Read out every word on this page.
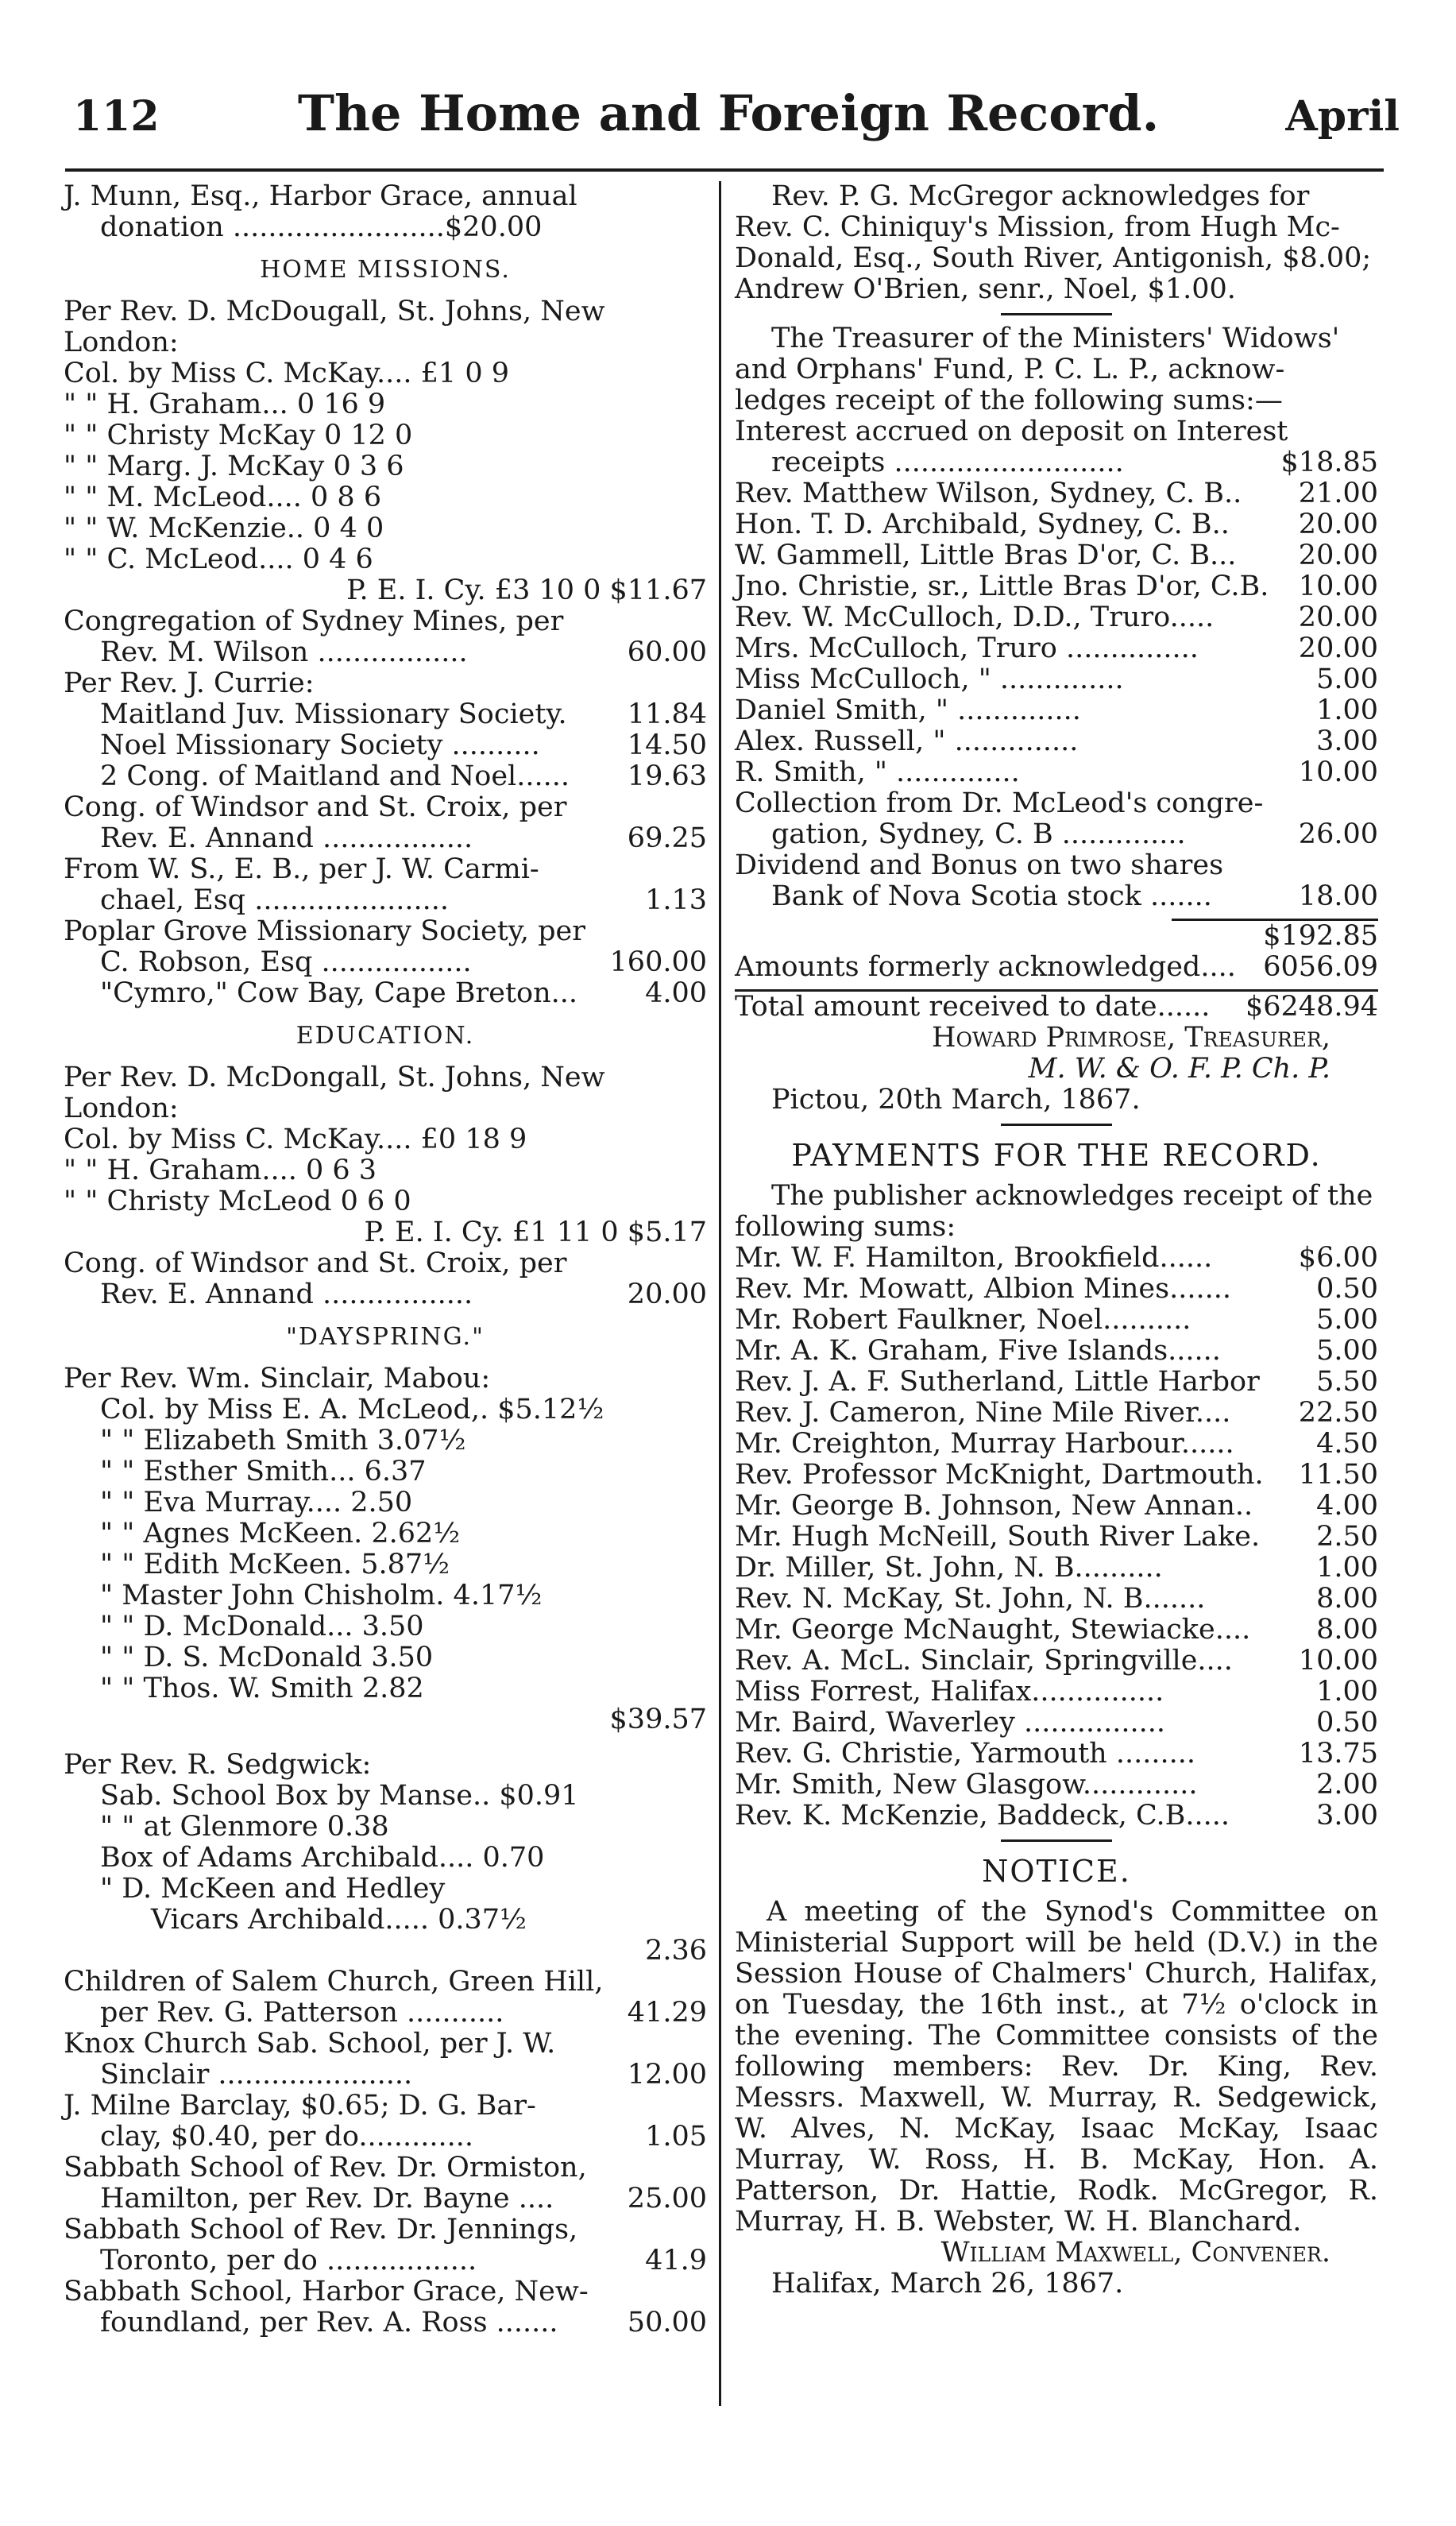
112	The Home and Foreign Record.	April
J. Munn, Esq., Harbor Grace, annual
donation ........................$20.00
HOME MISSIONS.
Per Rev. D. McDougall, St. Johns, New
London:
Col. by Miss C. McKay.... £1 0 9
" " H. Graham... 0 16 9
" " Christy McKay 0 12 0
" " Marg. J. McKay 0 3 6
" " M. McLeod.... 0 8 6
" " W. McKenzie.. 0 4 0
" " C. McLeod.... 0 4 6
P. E. I. Cy. £3 10 0 $11.67
Congregation of Sydney Mines, per
Rev. M. Wilson .................	60.00
Per Rev. J. Currie:
Maitland Juv. Missionary Society. 11.84
Noel Missionary Society ..........	14.50
2 Cong. of Maitland and Noel...... 19.63
Cong. of Windsor and St. Croix, per
Rev. E. Annand .................	69.25
From W. S., E. B., per J. W. Carmi-
chael, Esq ......................	1.13
Poplar Grove Missionary Society, per
C. Robson, Esq .................	160.00
"Cymro," Cow Bay, Cape Breton... 4.00
EDUCATION.
Per Rev. D. McDongall, St. Johns, New
London:
Col. by Miss C. McKay.... £0 18 9
" " H. Graham.... 0 6 3
" " Christy McLeod 0 6 0
P. E. I. Cy. £1 11 0 $5.17
Cong. of Windsor and St. Croix, per
Rev. E. Annand .................	20.00
"DAYSPRING."
Per Rev. Wm. Sinclair, Mabou:
Col. by Miss E. A. McLeod,. $5.12½
" " Elizabeth Smith 3.07½
" " Esther Smith... 6.37
" " Eva Murray.... 2.50
" " Agnes McKeen. 2.62½
" " Edith McKeen. 5.87½
" Master John Chisholm. 4.17½
" " D. McDonald... 3.50
" " D. S. McDonald 3.50
" " Thos. W. Smith 2.82
$39.57
Per Rev. R. Sedgwick:
Sab. School Box by Manse.. $0.91
" " at Glenmore 0.38
Box of Adams Archibald.... 0.70
" D. McKeen and Hedley
Vicars Archibald..... 0.37½
2.36
Children of Salem Church, Green Hill,
per Rev. G. Patterson ...........	41.29
Knox Church Sab. School, per J. W.
Sinclair ......................	12.00
J. Milne Barclay, $0.65; D. G. Bar-
clay, $0.40, per do.............	1.05
Sabbath School of Rev. Dr. Ormiston,
Hamilton, per Rev. Dr. Bayne ....	25.00
Sabbath School of Rev. Dr. Jennings,
Toronto, per do .................	41.9
Sabbath School, Harbor Grace, New-
foundland, per Rev. A. Ross ....... 50.00
Rev. P. G. McGregor acknowledges for
Rev. C. Chiniquy's Mission, from Hugh Mc-
Donald, Esq., South River, Antigonish, $8.00;
Andrew O'Brien, senr., Noel, $1.00.
The Treasurer of the Ministers' Widows'
and Orphans' Fund, P. C. L. P., acknow-
ledges receipt of the following sums:—
Interest accrued on deposit on Interest
receipts ..........................	$18.85
Rev. Matthew Wilson, Sydney, C. B.. 21.00
Hon. T. D. Archibald, Sydney, C. B.. 20.00
W. Gammell, Little Bras D'or, C. B... 20.00
Jno. Christie, sr., Little Bras D'or, C.B. 10.00
Rev. W. McCulloch, D.D., Truro.....	20.00
Mrs. McCulloch, Truro ...............	20.00
Miss McCulloch, " ..............	5.00
Daniel Smith, " ..............	1.00
Alex. Russell, " ..............	3.00
R. Smith, " ..............	10.00
Collection from Dr. McLeod's congre-
gation, Sydney, C. B ..............	26.00
Dividend and Bonus on two shares
Bank of Nova Scotia stock .......	18.00
$192.85
Amounts formerly acknowledged.... 6056.09
Total amount received to date...... $6248.94
Howard Primrose, Treasurer,
M. W. & O. F. P. Ch. P.
Pictou, 20th March, 1867.
PAYMENTS FOR THE RECORD.
The publisher acknowledges receipt of the
following sums:
Mr. W. F. Hamilton, Brookfield......	$6.00
Rev. Mr. Mowatt, Albion Mines.......	0.50
Mr. Robert Faulkner, Noel..........	5.00
Mr. A. K. Graham, Five Islands......	5.00
Rev. J. A. F. Sutherland, Little Harbor 5.50
Rev. J. Cameron, Nine Mile River.... 22.50
Mr. Creighton, Murray Harbour......	4.50
Rev. Professor McKnight, Dartmouth. 11.50
Mr. George B. Johnson, New Annan.. 4.00
Mr. Hugh McNeill, South River Lake. 2.50
Dr. Miller, St. John, N. B..........	1.00
Rev. N. McKay, St. John, N. B.......	8.00
Mr. George McNaught, Stewiacke.... 8.00
Rev. A. McL. Sinclair, Springville.... 10.00
Miss Forrest, Halifax...............	1.00
Mr. Baird, Waverley ................	0.50
Rev. G. Christie, Yarmouth .........	13.75
Mr. Smith, New Glasgow.............	2.00
Rev. K. McKenzie, Baddeck, C.B.....	3.00
NOTICE.
A meeting of the Synod's Committee on Ministerial Support will be held (D.V.) in the Session House of Chalmers' Church, Halifax, on Tuesday, the 16th inst., at 7½ o'clock in the evening. The Committee consists of the following members: Rev. Dr. King, Rev. Messrs. Maxwell, W. Murray, R. Sedgewick, W. Alves, N. McKay, Isaac McKay, Isaac Murray, W. Ross, H. B. McKay, Hon. A. Patterson, Dr. Hattie, Rodk. McGregor, R. Murray, H. B. Webster, W. H. Blanchard.
William Maxwell, Convener.
Halifax, March 26, 1867.
